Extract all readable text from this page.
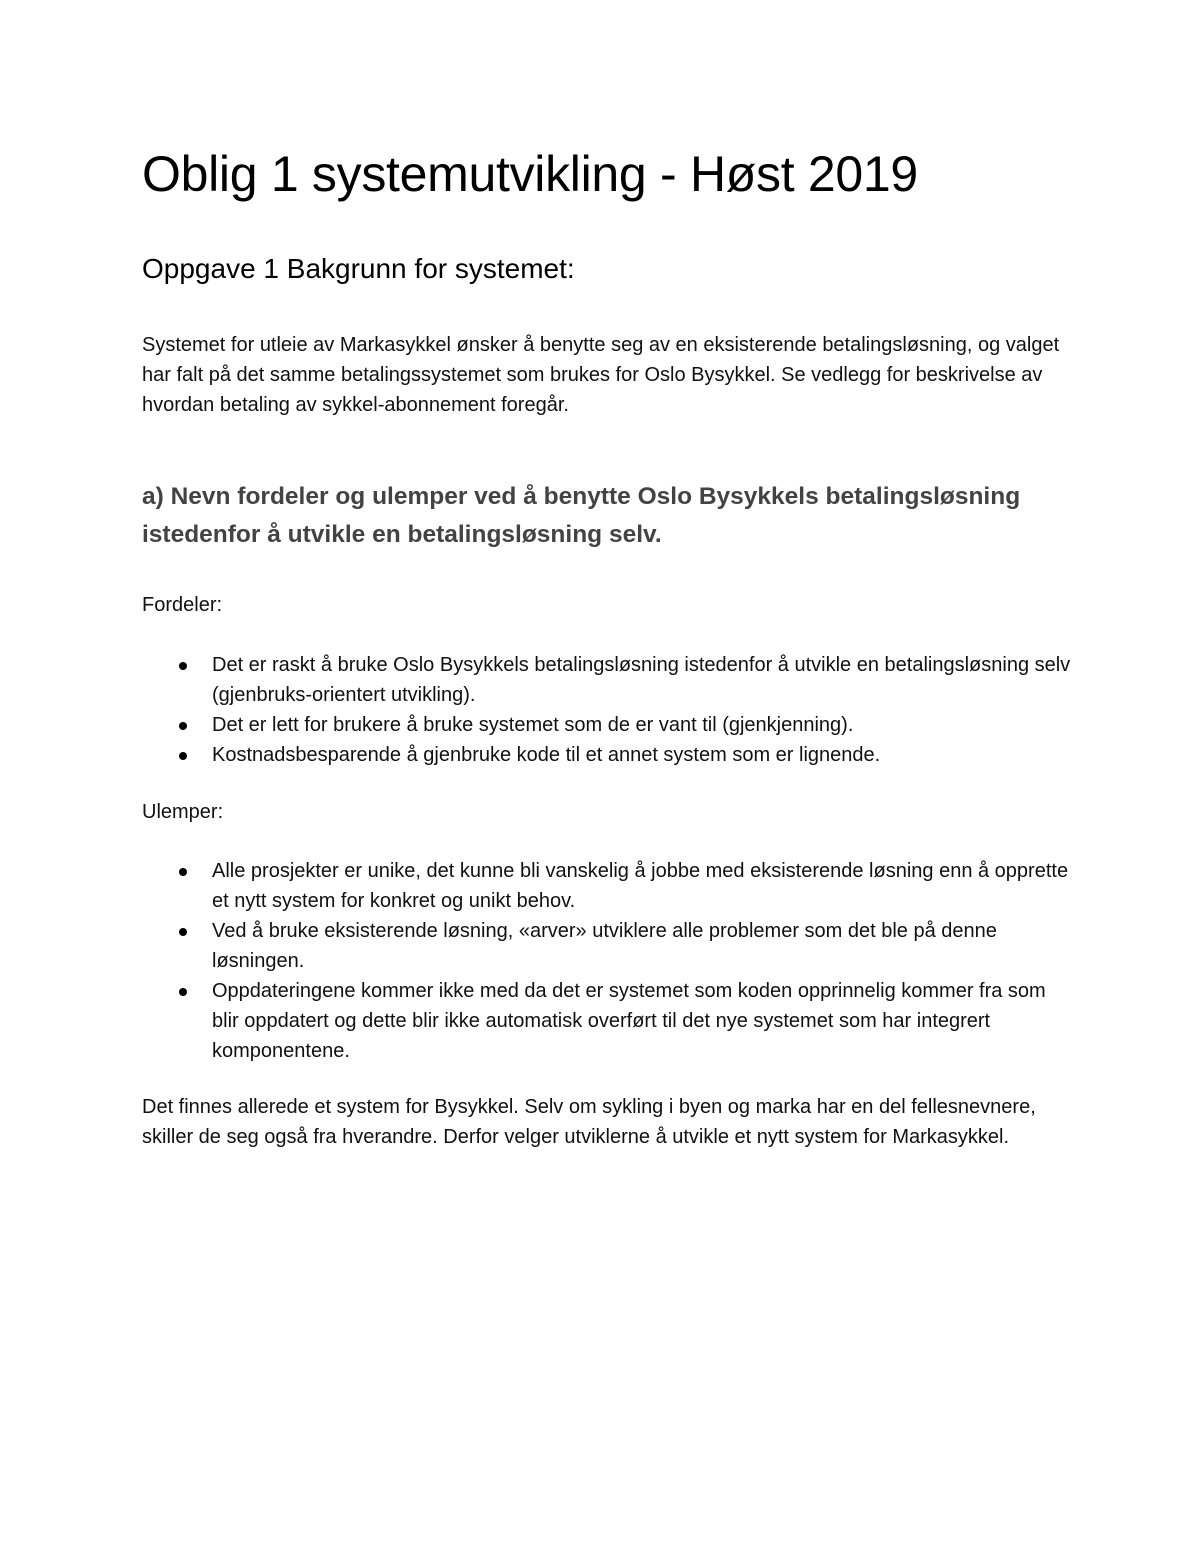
Oblig 1 systemutvikling - Høst 2019
Oppgave 1 Bakgrunn for systemet:

Systemet for utleie av Markasykkel ønsker å benytte seg av en eksisterende betalingsløsning, og valget har falt på det samme betalingssystemet som brukes for Oslo Bysykkel. Se vedlegg for beskrivelse av hvordan betaling av sykkel-abonnement foregår.

a) Nevn fordeler og ulemper ved å benytte Oslo Bysykkels betalingsløsning istedenfor å utvikle en betalingsløsning selv.

Fordeler:

Det er raskt å bruke Oslo Bysykkels betalingsløsning istedenfor å utvikle en betalingsløsning selv (gjenbruks-orientert utvikling).
Det er lett for brukere å bruke systemet som de er vant til (gjenkjenning).
Kostnadsbesparende å gjenbruke kode til et annet system som er lignende.

Ulemper:

Alle prosjekter er unike, det kunne bli vanskelig å jobbe med eksisterende løsning enn å opprette et nytt system for konkret og unikt behov.
Ved å bruke eksisterende løsning, «arver» utviklere alle problemer som det ble på denne løsningen.
Oppdateringene kommer ikke med da det er systemet som koden opprinnelig kommer fra som blir oppdatert og dette blir ikke automatisk overført til det nye systemet som har integrert komponentene.

Det finnes allerede et system for Bysykkel. Selv om sykling i byen og marka har en del fellesnevnere, skiller de seg også fra hverandre. Derfor velger utviklerne å utvikle et nytt system for Markasykkel.
